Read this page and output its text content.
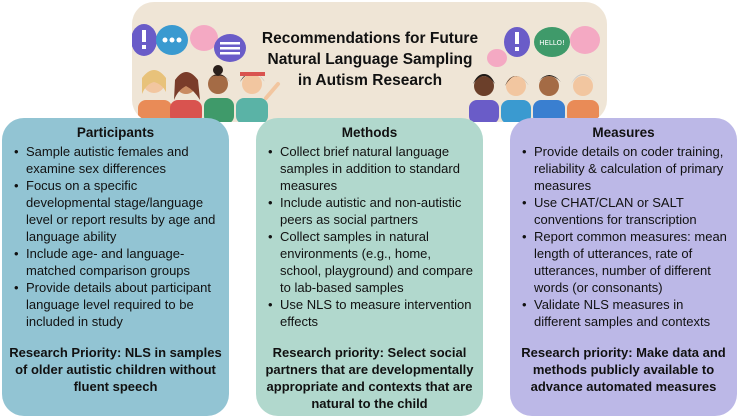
Recommendations for Future
Natural Language Sampling
in Autism Research
HELLO!
Participants
• Sample autistic females and examine sex differences
• Focus on a specific developmental stage/language level or report results by age and language ability
• Include age- and language-matched comparison groups
• Provide details about participant language level required to be included in study
Research Priority: NLS in samples of older autistic children without fluent speech
Methods
• Collect brief natural language samples in addition to standard measures
• Include autistic and non-autistic peers as social partners
• Collect samples in natural environments (e.g., home, school, playground) and compare to lab-based samples
• Use NLS to measure intervention effects
Research priority: Select social partners that are developmentally appropriate and contexts that are natural to the child
Measures
• Provide details on coder training, reliability & calculation of primary measures
• Use CHAT/CLAN or SALT conventions for transcription
• Report common measures: mean length of utterances, rate of utterances, number of different words (or consonants)
• Validate NLS measures in different samples and contexts
Research priority: Make data and methods publicly available to advance automated measures
